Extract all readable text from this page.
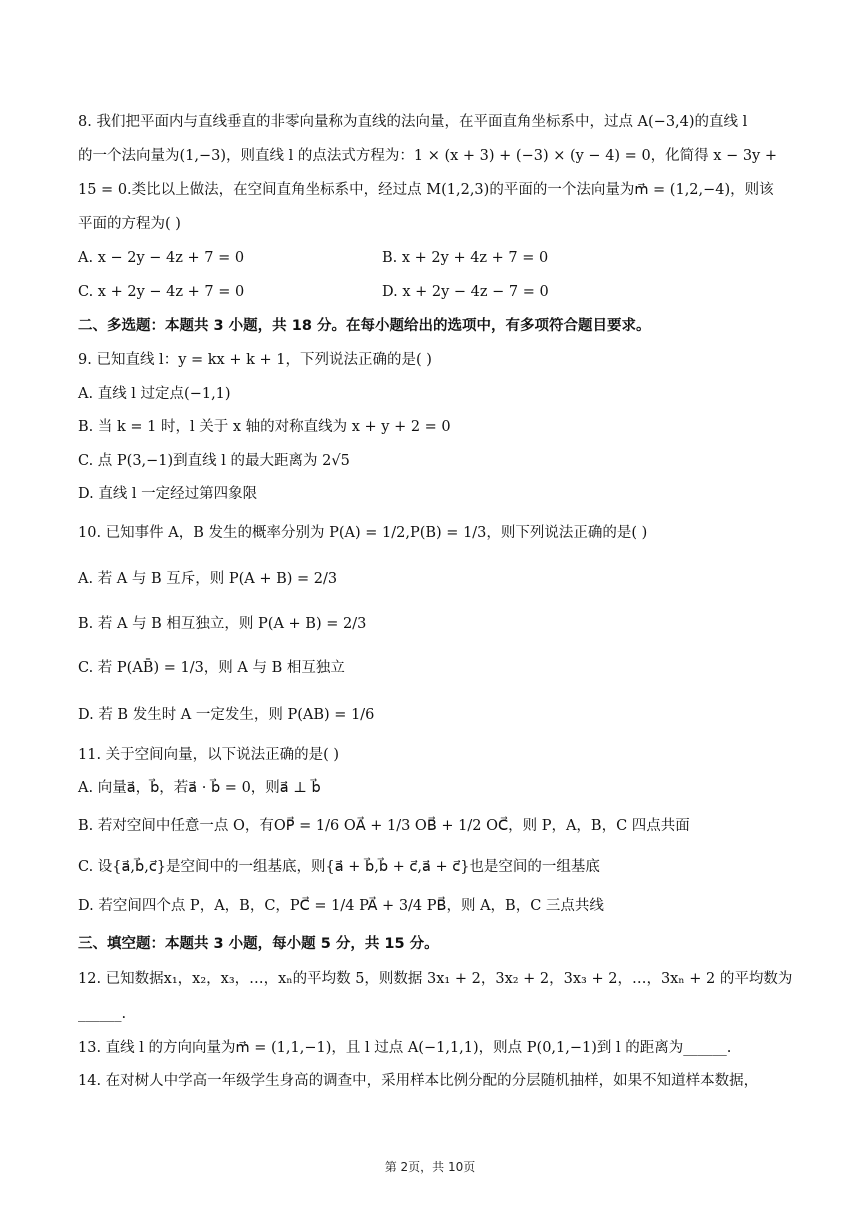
8. 我们把平面内与直线垂直的非零向量称为直线的法向量，在平面直角坐标系中，过点 A(−3,4)的直线 l
的一个法向量为(1,−3)，则直线 l 的点法式方程为：1 × (x + 3) + (−3) × (y − 4) = 0，化简得 x − 3y +
15 = 0.类比以上做法，在空间直角坐标系中，经过点 M(1,2,3)的平面的一个法向量为m⃗ = (1,2,−4)，则该
平面的方程为( )
A. x − 2y − 4z + 7 = 0	B. x + 2y + 4z + 7 = 0
C. x + 2y − 4z + 7 = 0	D. x + 2y − 4z − 7 = 0
二、多选题：本题共 3 小题，共 18 分。在每小题给出的选项中，有多项符合题目要求。
9. 已知直线 l：y = kx + k + 1，下列说法正确的是( )
A. 直线 l 过定点(−1,1)
B. 当 k = 1 时，l 关于 x 轴的对称直线为 x + y + 2 = 0
C. 点 P(3,−1)到直线 l 的最大距离为 2√5
D. 直线 l 一定经过第四象限
10. 已知事件 A，B 发生的概率分别为 P(A) = 1/2,P(B) = 1/3，则下列说法正确的是( )
A. 若 A 与 B 互斥，则 P(A + B) = 2/3
B. 若 A 与 B 相互独立，则 P(A + B) = 2/3
C. 若 P(AB̄) = 1/3，则 A 与 B 相互独立
D. 若 B 发生时 A 一定发生，则 P(AB) = 1/6
11. 关于空间向量，以下说法正确的是( )
A. 向量a⃗，b⃗，若a⃗ · b⃗ = 0，则a⃗ ⊥ b⃗
B. 若对空间中任意一点 O，有OP⃗ = 1/6 OA⃗ + 1/3 OB⃗ + 1/2 OC⃗，则 P，A，B，C 四点共面
C. 设{a⃗,b⃗,c⃗}是空间中的一组基底，则{a⃗ + b⃗,b⃗ + c⃗,a⃗ + c⃗}也是空间的一组基底
D. 若空间四个点 P，A，B，C，PC⃗ = 1/4 PA⃗ + 3/4 PB⃗，则 A，B，C 三点共线
三、填空题：本题共 3 小题，每小题 5 分，共 15 分。
12. 已知数据x₁，x₂，x₃，…，xₙ的平均数 5，则数据 3x₁ + 2，3x₂ + 2，3x₃ + 2，…，3xₙ + 2 的平均数为
______.
13. 直线 l 的方向向量为m⃗ = (1,1,−1)，且 l 过点 A(−1,1,1)，则点 P(0,1,−1)到 l 的距离为______.
14. 在对树人中学高一年级学生身高的调查中，采用样本比例分配的分层随机抽样，如果不知道样本数据，
第 2页，共 10页
